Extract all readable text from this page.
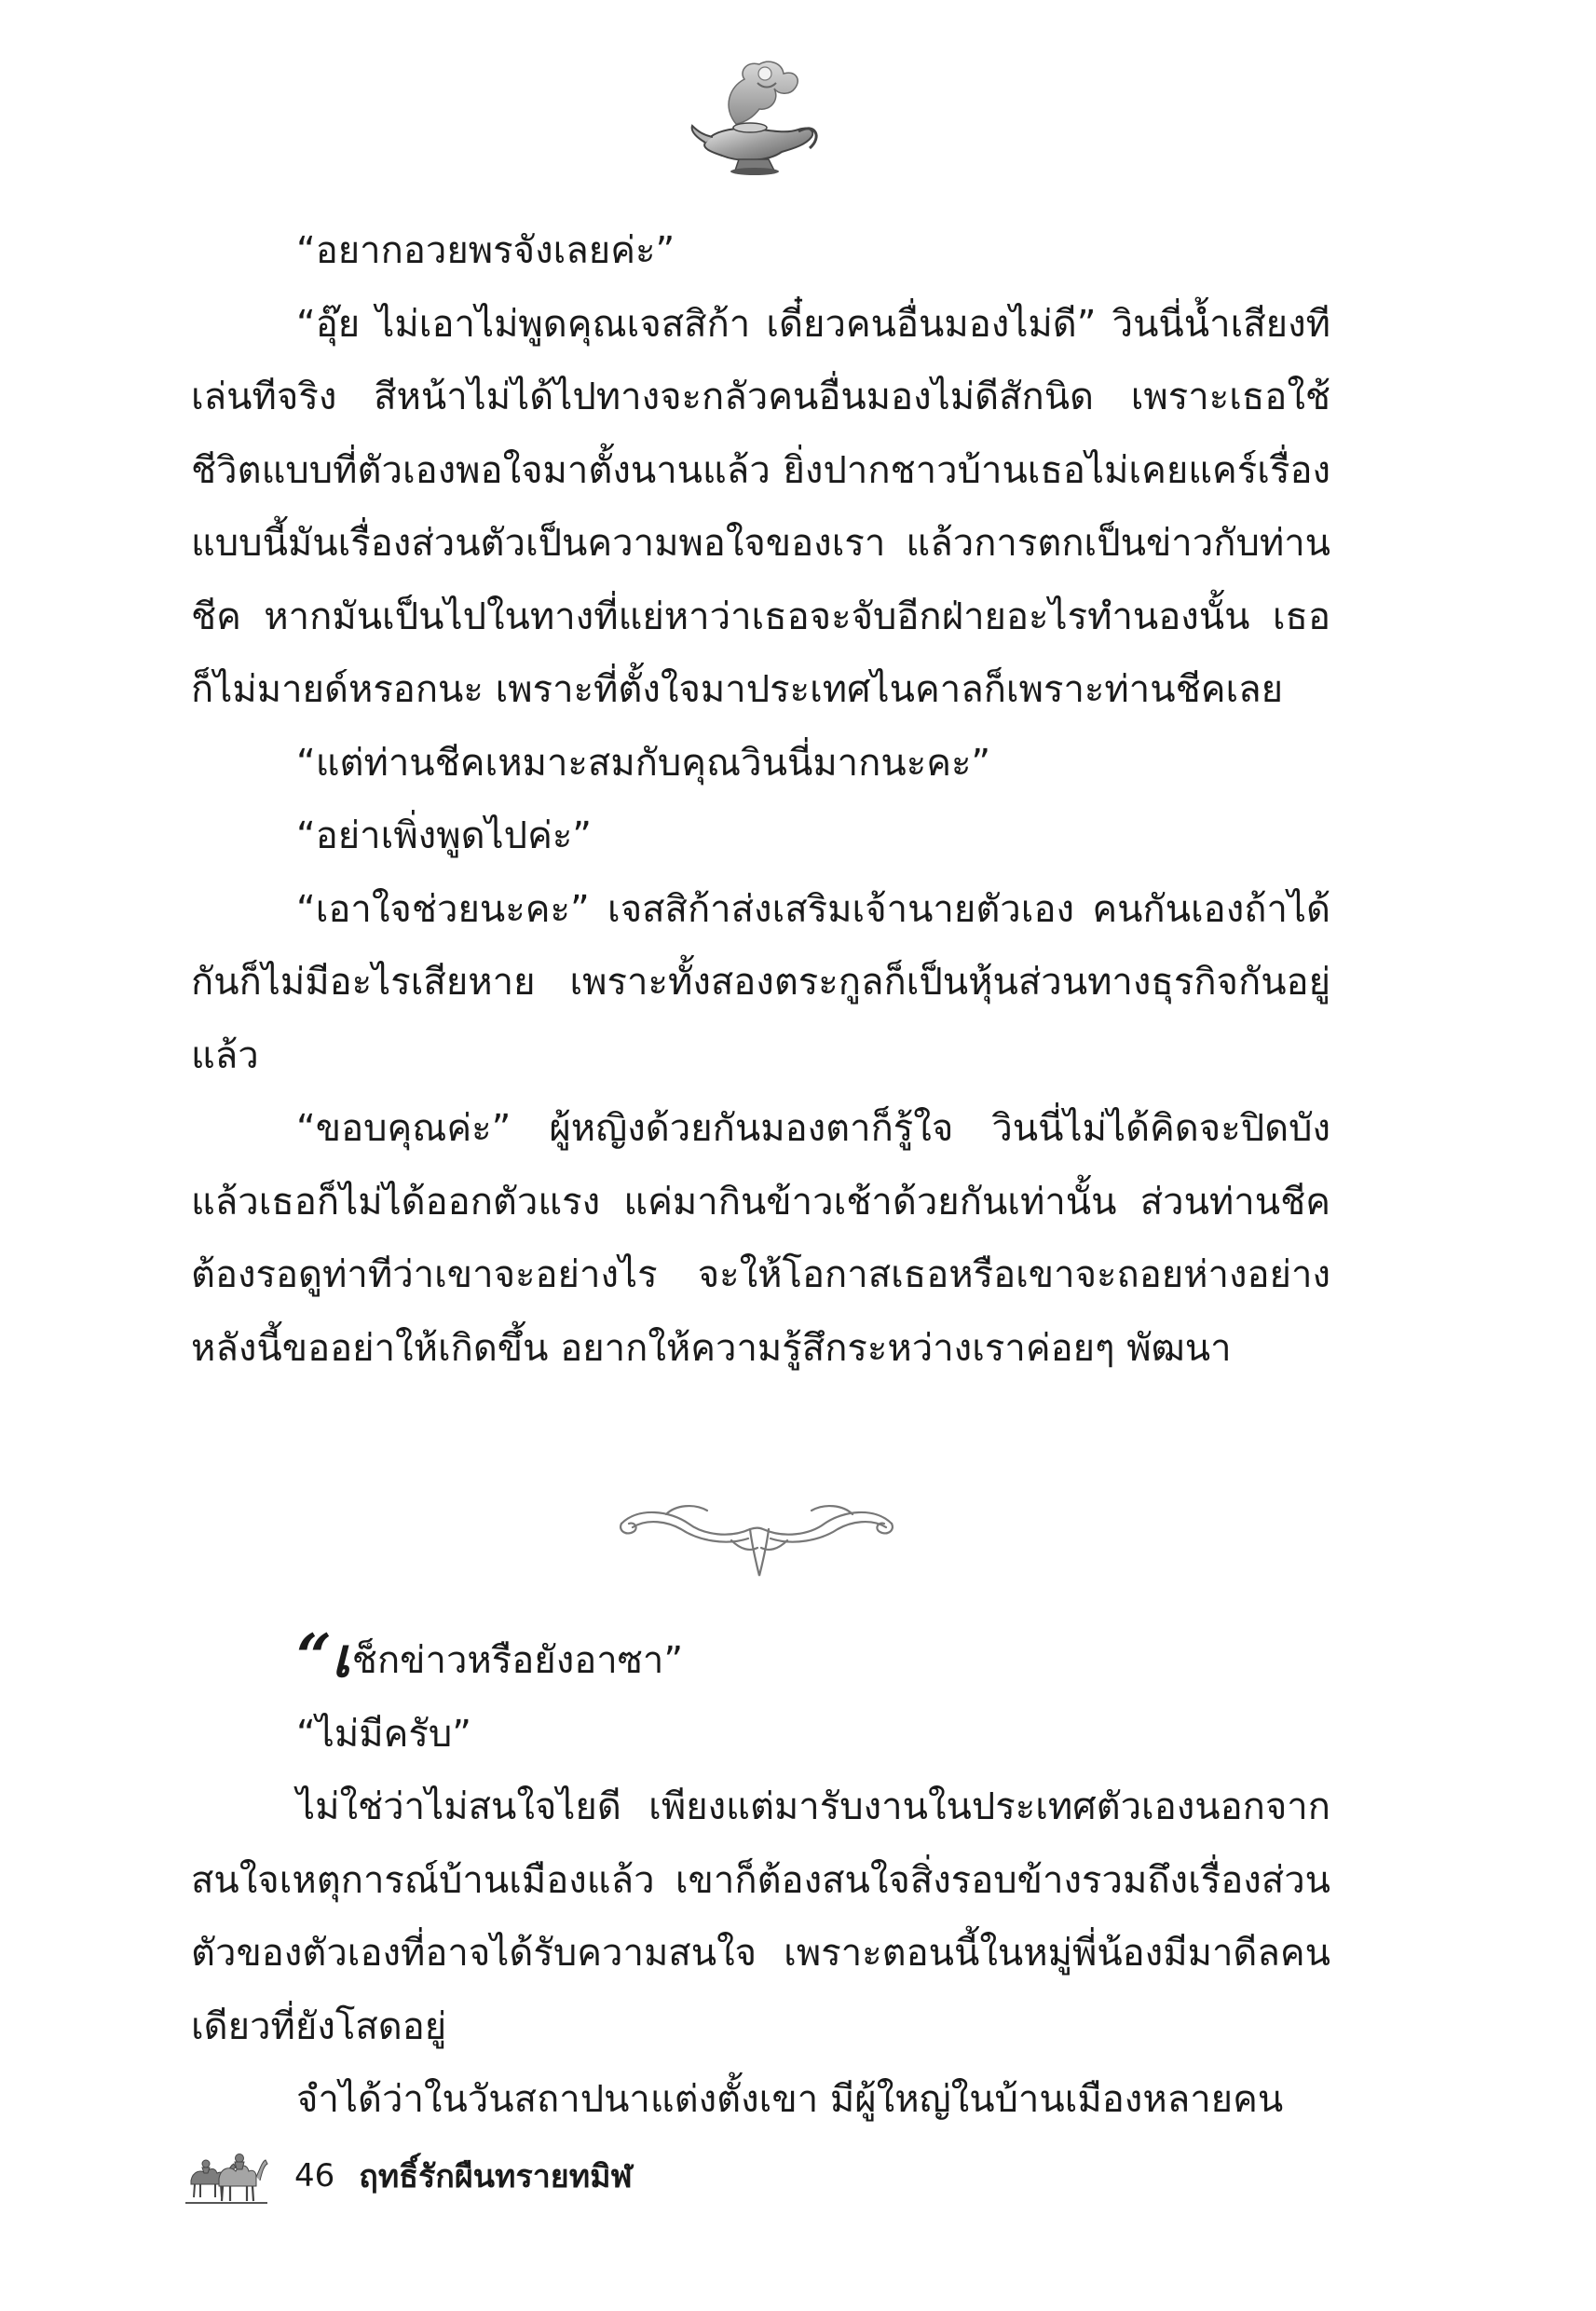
“อยากอวยพรจังเลยค่ะ”

“อุ๊ย ไม่เอาไม่พูดคุณเจสสิก้า เดี๋ยวคนอื่นมองไม่ดี” วินนี่น้ำเสียงทีเล่นทีจริง สีหน้าไม่ได้ไปทางจะกลัวคนอื่นมองไม่ดีสักนิด เพราะเธอใช้ชีวิตแบบที่ตัวเองพอใจมาตั้งนานแล้ว ยิ่งปากชาวบ้านเธอไม่เคยแคร์เรื่องแบบนี้มันเรื่องส่วนตัวเป็นความพอใจของเรา แล้วการตกเป็นข่าวกับท่านชีค หากมันเป็นไปในทางที่แย่หาว่าเธอจะจับอีกฝ่ายอะไรทำนองนั้น เธอก็ไม่มายด์หรอกนะ เพราะที่ตั้งใจมาประเทศไนคาลก็เพราะท่านชีคเลย

“แต่ท่านชีคเหมาะสมกับคุณวินนี่มากนะคะ”

“อย่าเพิ่งพูดไปค่ะ”

“เอาใจช่วยนะคะ” เจสสิก้าส่งเสริมเจ้านายตัวเอง คนกันเองถ้าได้กันก็ไม่มีอะไรเสียหาย เพราะทั้งสองตระกูลก็เป็นหุ้นส่วนทางธุรกิจกันอยู่แล้ว

“ขอบคุณค่ะ” ผู้หญิงด้วยกันมองตาก็รู้ใจ วินนี่ไม่ได้คิดจะปิดบังแล้วเธอก็ไม่ได้ออกตัวแรง แค่มากินข้าวเช้าด้วยกันเท่านั้น ส่วนท่านชีคต้องรอดูท่าทีว่าเขาจะอย่างไร จะให้โอกาสเธอหรือเขาจะถอยห่างอย่างหลังนี้ขออย่าให้เกิดขึ้น อยากให้ความรู้สึกระหว่างเราค่อยๆ พัฒนา

“เช็กข่าวหรือยังอาซา”

“ไม่มีครับ”

ไม่ใช่ว่าไม่สนใจไยดี เพียงแต่มารับงานในประเทศตัวเองนอกจากสนใจเหตุการณ์บ้านเมืองแล้ว เขาก็ต้องสนใจสิ่งรอบข้างรวมถึงเรื่องส่วนตัวของตัวเองที่อาจได้รับความสนใจ เพราะตอนนี้ในหมู่พี่น้องมีมาดีลคนเดียวที่ยังโสดอยู่

จำได้ว่าในวันสถาปนาแต่งตั้งเขา มีผู้ใหญ่ในบ้านเมืองหลายคน

46 ฤทธิ์รักผืนทรายทมิฬ
